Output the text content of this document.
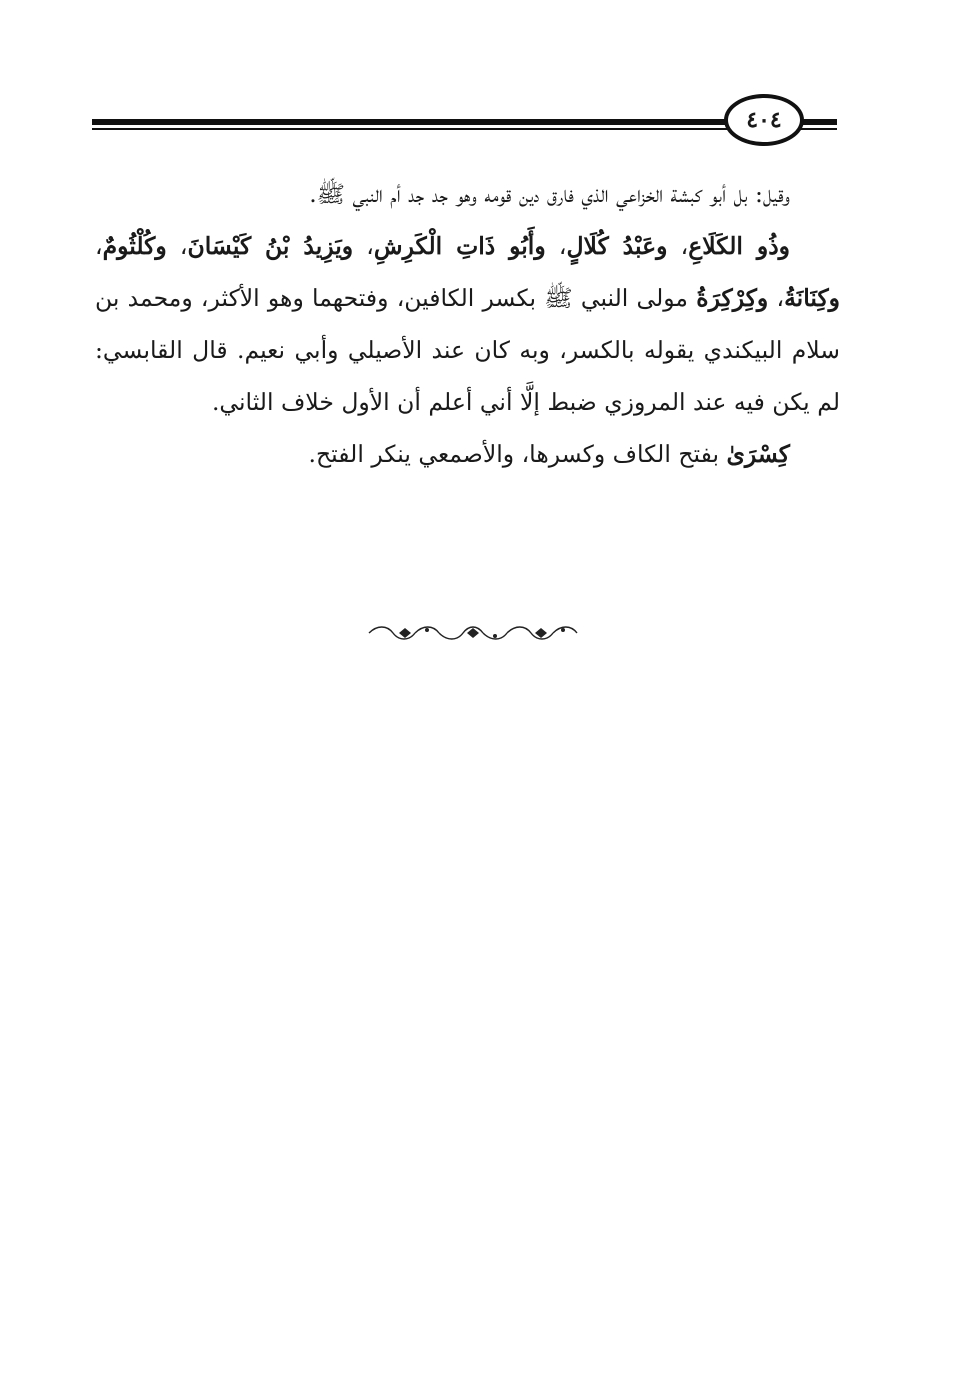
٤٠٤

وقيل: بل أبو كبشة الخزاعي الذي فارق دين قومه وهو جد جد أم النبي ﷺ.

وذُو الكَلَاعِ، وعَبْدُ كُلَالٍ، وأَبُو ذَاتِ الْكَرِشِ، ويَزِيدُ بْنُ كَيْسَانَ، وكُلْثُومٌ، وكِنَانَةُ، وكِرْكِرَةُ مولى النبي ﷺ بكسر الكافين، وفتحهما وهو الأكثر، ومحمد بن سلام البيكندي يقوله بالكسر، وبه كان عند الأصيلي وأبي نعيم. قال القابسي: لم يكن فيه عند المروزي ضبط إلَّا أني أعلم أن الأول خلاف الثاني.

كِسْرَىٰ بفتح الكاف وكسرها، والأصمعي ينكر الفتح.
